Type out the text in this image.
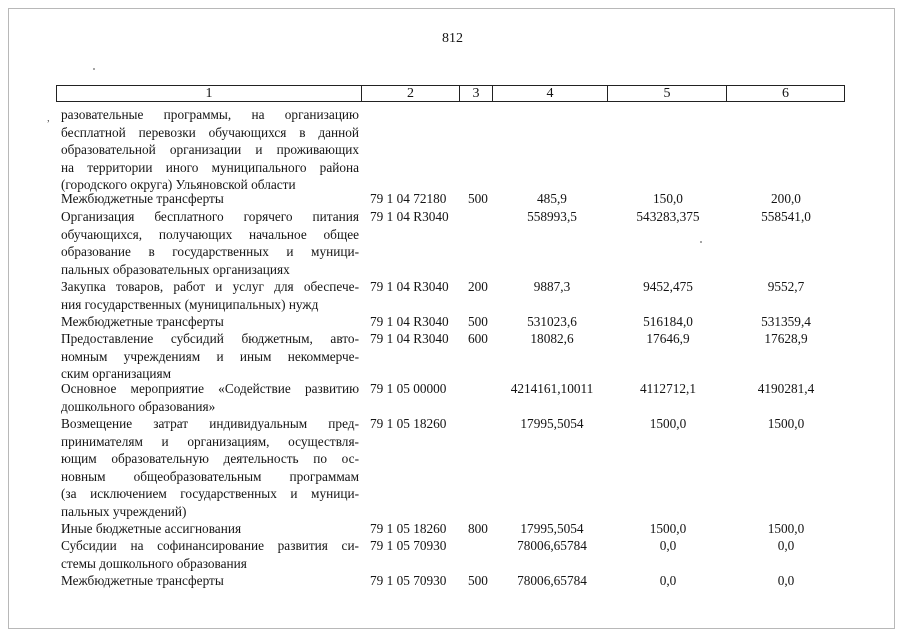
812
1	2	3	4	5	6
, разовательные программы, на организацию
бесплатной перевозки обучающихся в данной
образовательной организации и проживающих
на территории иного муниципального района
(городского округа) Ульяновской области
Межбюджетные трансферты	79 1 04 72180 500	485,9	150,0	200,0
Организация бесплатного горячего питания
обучающихся, получающих начальное общее
образование в государственных и муници-
пальных образовательных организациях
79 1 04 R3040	558993,5	543283,375	558541,0
Закупка товаров, работ и услуг для обеспече-
ния государственных (муниципальных) нужд
79 1 04 R3040 200	9887,3	9452,475	9552,7
Межбюджетные трансферты	79 1 04 R3040 500	531023,6	516184,0	531359,4
Предоставление субсидий бюджетным, авто-
номным учреждениям и иным некоммерче-
ским организациям
79 1 04 R3040 600	18082,6	17646,9	17628,9
Основное мероприятие «Содействие развитию
дошкольного образования»
79 1 05 00000	4214161,10011	4112712,1	4190281,4
Возмещение затрат индивидуальным пред-
принимателям и организациям, осуществля-
ющим образовательную деятельность по ос-
новным общеобразовательным программам
(за исключением государственных и муници-
пальных учреждений)
79 1 05 18260	17995,5054	1500,0	1500,0
Иные бюджетные ассигнования	79 1 05 18260 800	17995,5054	1500,0	1500,0
Субсидии на софинансирование развития си-
стемы дошкольного образования
79 1 05 70930	78006,65784	0,0	0,0
Межбюджетные трансферты	79 1 05 70930 500	78006,65784	0,0	0,0
